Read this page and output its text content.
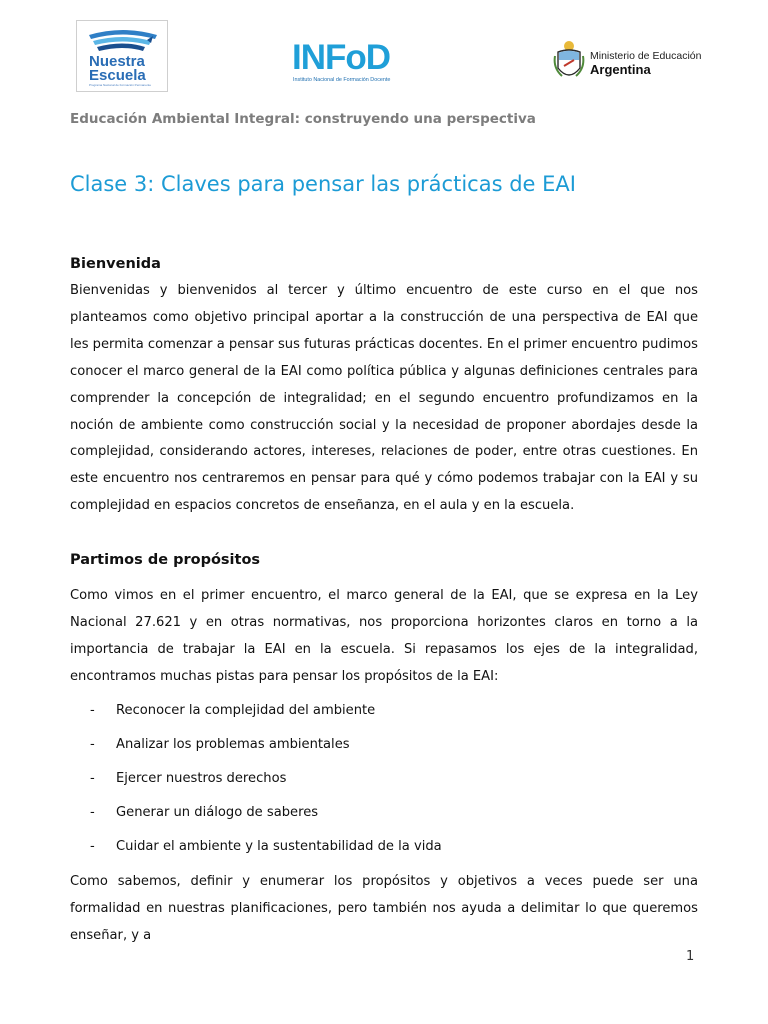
Nuestra
Escuela
Programa Nacional de Formación Permanente
INFoD
Instituto Nacional de Formación Docente
Ministerio de Educación
Argentina
Educación Ambiental Integral: construyendo una perspectiva
Clase 3: Claves para pensar las prácticas de EAI
Bienvenida
Bienvenidas y bienvenidos al tercer y último encuentro de este curso en el que nos planteamos como objetivo principal aportar a la construcción de una perspectiva de EAI que les permita comenzar a pensar sus futuras prácticas docentes. En el primer encuentro pudimos conocer el marco general de la EAI como política pública y algunas definiciones centrales para comprender la concepción de integralidad; en el segundo encuentro profundizamos en la noción de ambiente como construcción social y la necesidad de proponer abordajes desde la complejidad, considerando actores, intereses, relaciones de poder, entre otras cuestiones. En este encuentro nos centraremos en pensar para qué y cómo podemos trabajar con la EAI y su complejidad en espacios concretos de enseñanza, en el aula y en la escuela.
Partimos de propósitos
Como vimos en el primer encuentro, el marco general de la EAI, que se expresa en la Ley Nacional 27.621 y en otras normativas, nos proporciona horizontes claros en torno a la importancia de trabajar la EAI en la escuela. Si repasamos los ejes de la integralidad, encontramos muchas pistas para pensar los propósitos de la EAI:
- Reconocer la complejidad del ambiente
- Analizar los problemas ambientales
- Ejercer nuestros derechos
- Generar un diálogo de saberes
- Cuidar el ambiente y la sustentabilidad de la vida
Como sabemos, definir y enumerar los propósitos y objetivos a veces puede ser una formalidad en nuestras planificaciones, pero también nos ayuda a delimitar lo que queremos enseñar, y a
1
